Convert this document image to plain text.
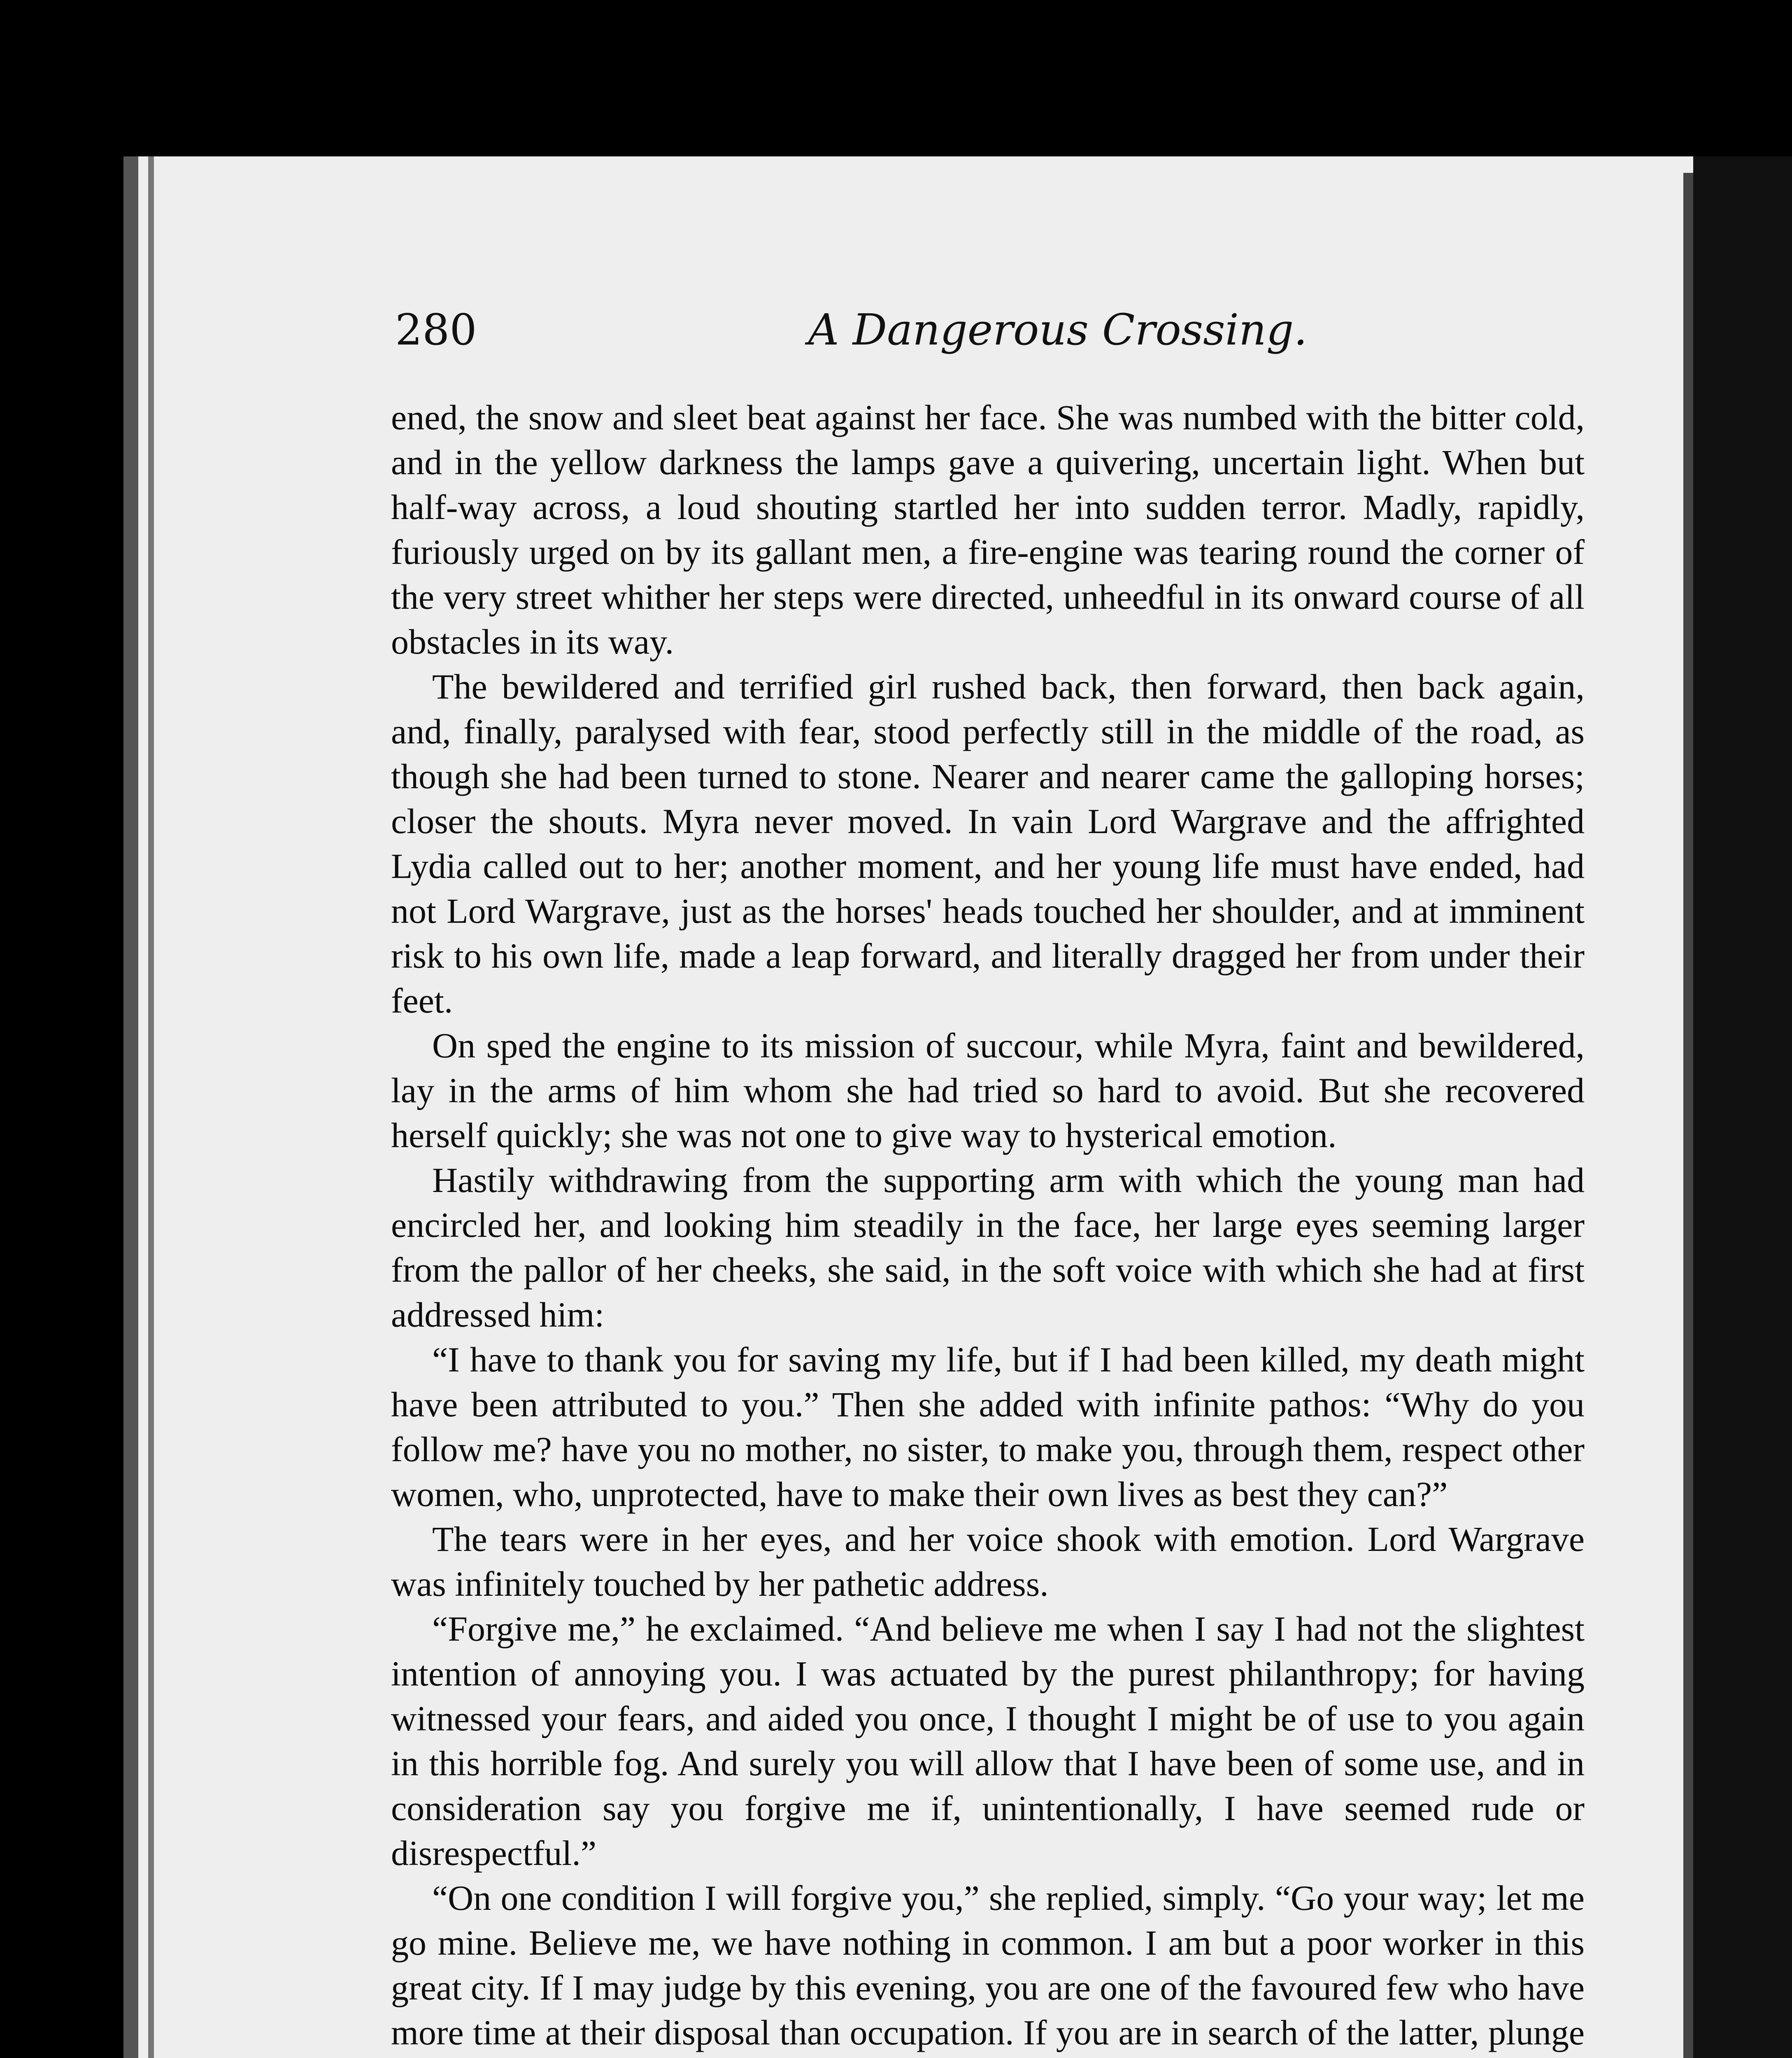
280	A Dangerous Crossing.

ened, the snow and sleet beat against her face. She was numbed with the bitter cold, and in the yellow darkness the lamps gave a quivering, uncertain light. When but half-way across, a loud shouting startled her into sudden terror. Madly, rapidly, furiously urged on by its gallant men, a fire-engine was tearing round the corner of the very street whither her steps were directed, unheedful in its onward course of all obstacles in its way.

The bewildered and terrified girl rushed back, then forward, then back again, and, finally, paralysed with fear, stood perfectly still in the middle of the road, as though she had been turned to stone. Nearer and nearer came the galloping horses; closer the shouts. Myra never moved. In vain Lord Wargrave and the affrighted Lydia called out to her; another moment, and her young life must have ended, had not Lord Wargrave, just as the horses' heads touched her shoulder, and at imminent risk to his own life, made a leap forward, and literally dragged her from under their feet.

On sped the engine to its mission of succour, while Myra, faint and bewildered, lay in the arms of him whom she had tried so hard to avoid. But she recovered herself quickly; she was not one to give way to hysterical emotion.

Hastily withdrawing from the supporting arm with which the young man had encircled her, and looking him steadily in the face, her large eyes seeming larger from the pallor of her cheeks, she said, in the soft voice with which she had at first addressed him:

“I have to thank you for saving my life, but if I had been killed, my death might have been attributed to you.” Then she added with infinite pathos: “Why do you follow me? have you no mother, no sister, to make you, through them, respect other women, who, unprotected, have to make their own lives as best they can?”

The tears were in her eyes, and her voice shook with emotion. Lord Wargrave was infinitely touched by her pathetic address.

“Forgive me,” he exclaimed. “And believe me when I say I had not the slightest intention of annoying you. I was actuated by the purest philanthropy; for having witnessed your fears, and aided you once, I thought I might be of use to you again in this horrible fog. And surely you will allow that I have been of some use, and in consideration say you forgive me if, unintentionally, I have seemed rude or disrespectful.”

“On one condition I will forgive you,” she replied, simply. “Go your way; let me go mine. Believe me, we have nothing in common. I am but a poor worker in this great city. If I may judge by this evening, you are one of the favoured few who have more time at their disposal than occupation. If you are in search of the latter, plunge
